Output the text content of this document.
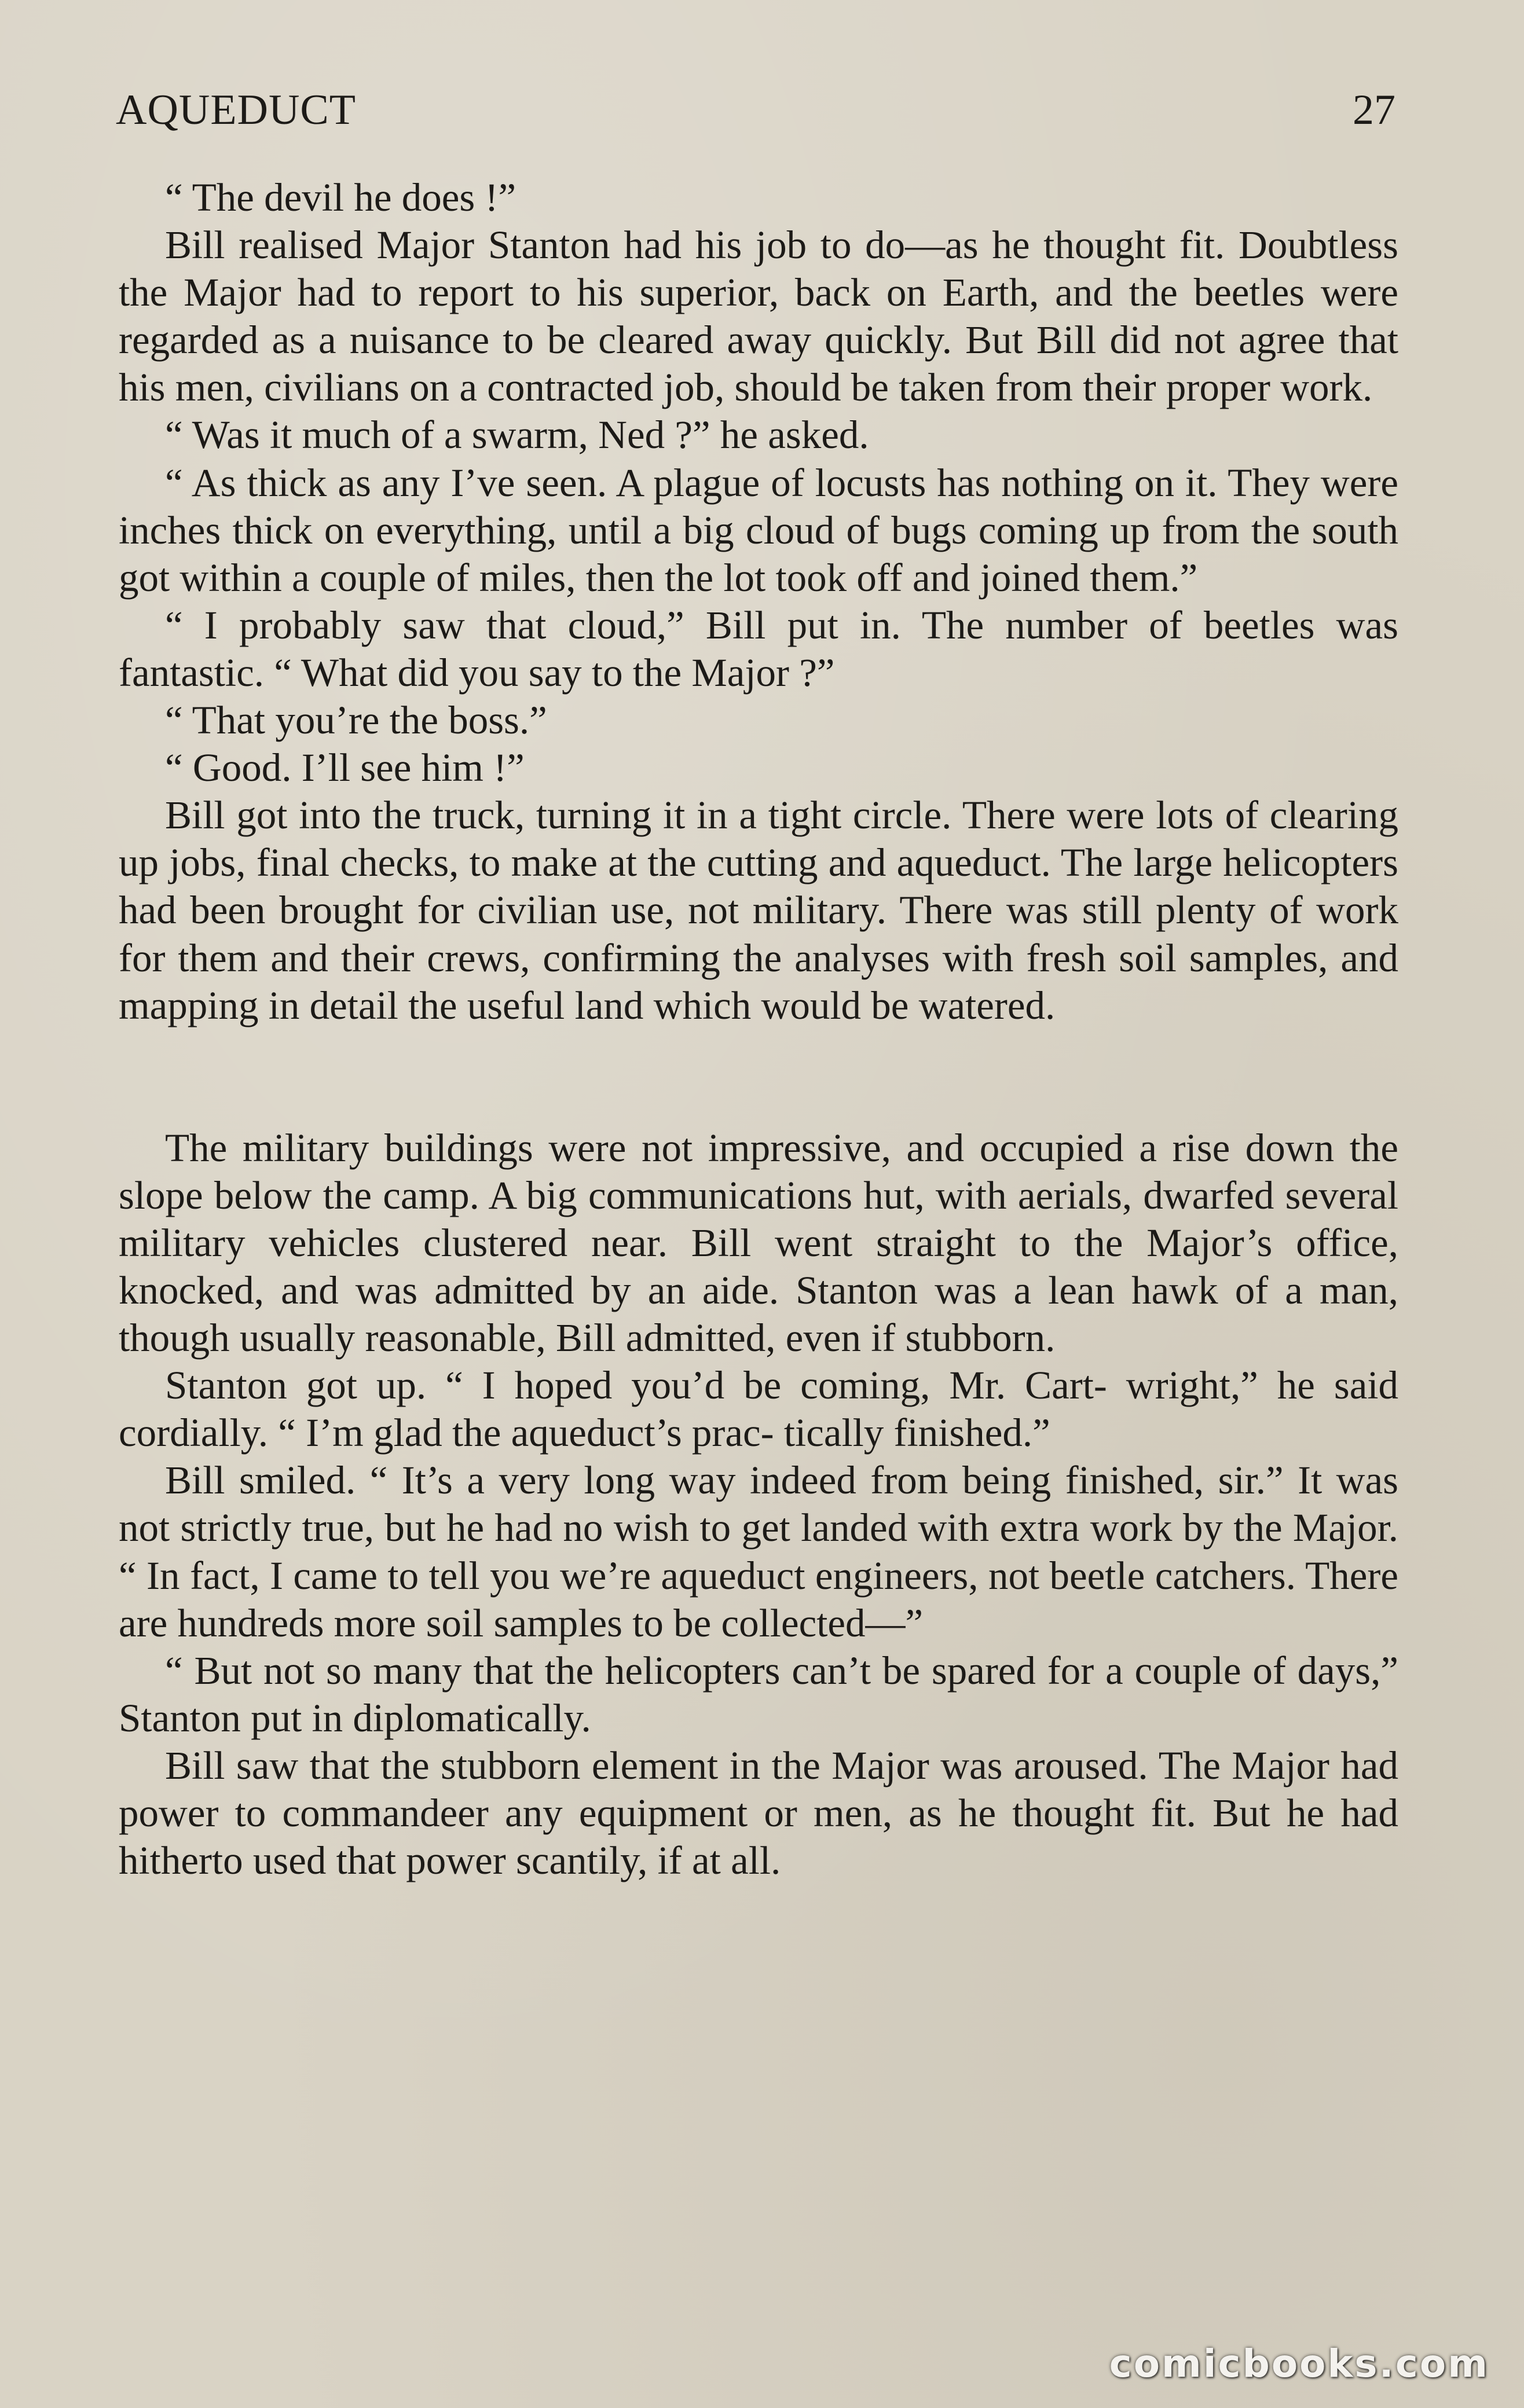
AQUEDUCT	27

“ The devil he does !”

Bill realised Major Stanton had his job to do—as he thought fit. Doubtless the Major had to report to his superior, back on Earth, and the beetles were regarded as a nuisance to be cleared away quickly. But Bill did not agree that his men, civilians on a contracted job, should be taken from their proper work.

“ Was it much of a swarm, Ned ?” he asked.

“ As thick as any I’ve seen. A plague of locusts has nothing on it. They were inches thick on everything, until a big cloud of bugs coming up from the south got within a couple of miles, then the lot took off and joined them.”

“ I probably saw that cloud,” Bill put in. The number of beetles was fantastic. “ What did you say to the Major ?”

“ That you’re the boss.”

“ Good. I’ll see him !”

Bill got into the truck, turning it in a tight circle. There were lots of clearing up jobs, final checks, to make at the cutting and aqueduct. The large helicopters had been brought for civilian use, not military. There was still plenty of work for them and their crews, confirming the analyses with fresh soil samples, and mapping in detail the useful land which would be watered.

The military buildings were not impressive, and occupied a rise down the slope below the camp. A big communications hut, with aerials, dwarfed several military vehicles clustered near. Bill went straight to the Major’s office, knocked, and was admitted by an aide. Stanton was a lean hawk of a man, though usually reasonable, Bill admitted, even if stubborn.

Stanton got up. “ I hoped you’d be coming, Mr. Cart- wright,” he said cordially. “ I’m glad the aqueduct’s prac- tically finished.”

Bill smiled. “ It’s a very long way indeed from being finished, sir.” It was not strictly true, but he had no wish to get landed with extra work by the Major. “ In fact, I came to tell you we’re aqueduct engineers, not beetle catchers. There are hundreds more soil samples to be collected—”

“ But not so many that the helicopters can’t be spared for a couple of days,” Stanton put in diplomatically.

Bill saw that the stubborn element in the Major was aroused. The Major had power to commandeer any equipment or men, as he thought fit. But he had hitherto used that power scantily, if at all.

comicbooks.com
